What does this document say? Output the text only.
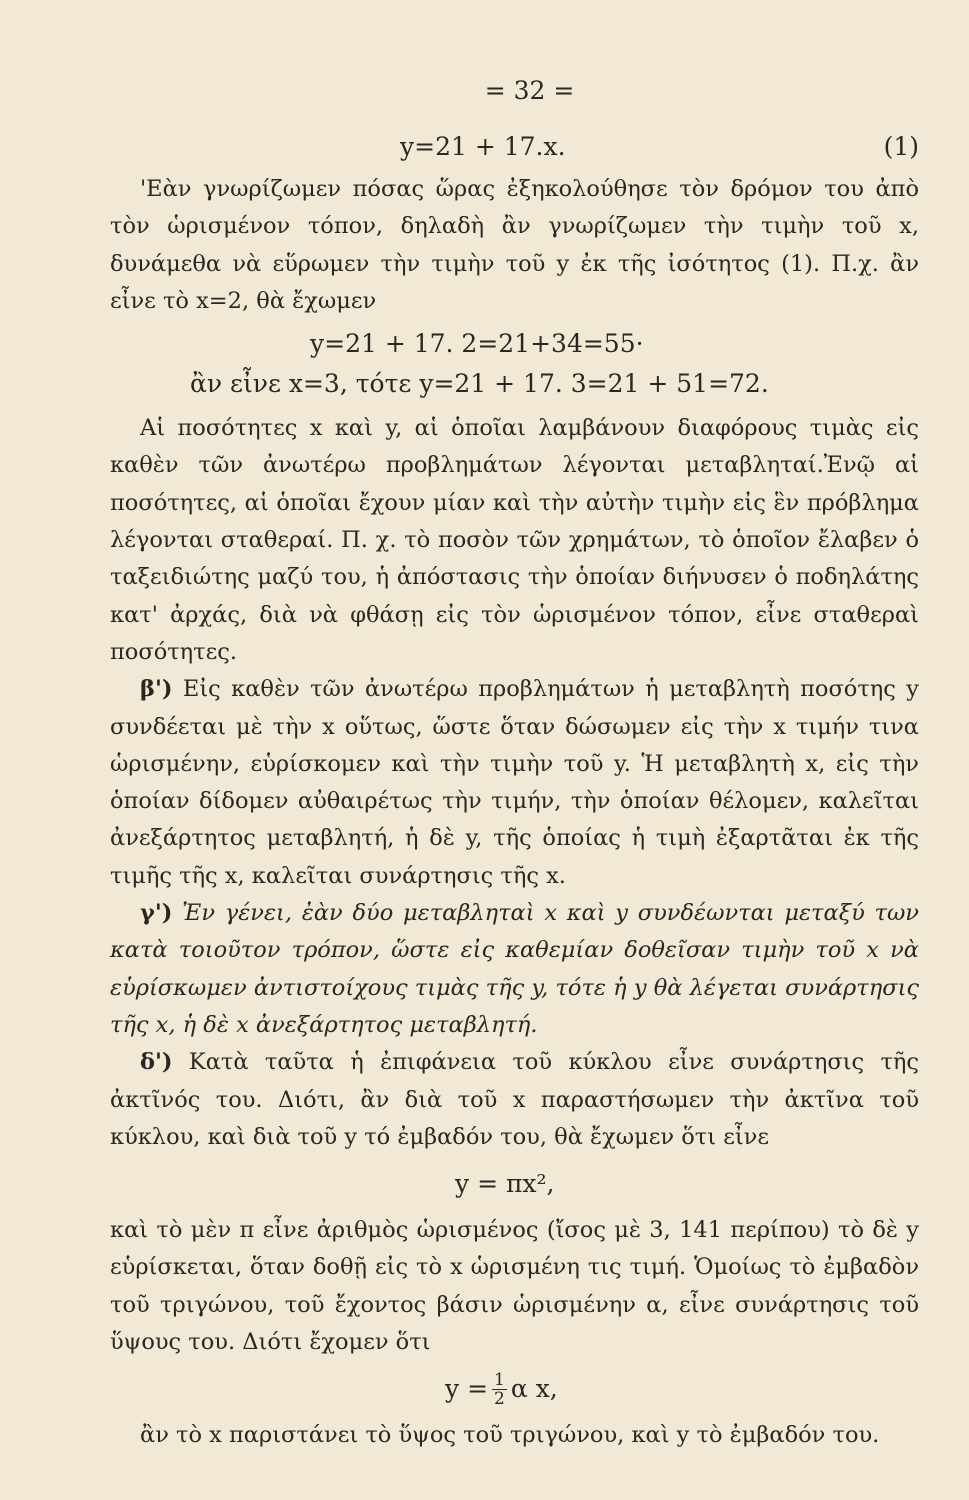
= 32 =
y=21 + 17.x.	(1)

'Εὰν γνωρίζωμεν πόσας ὥρας ἐξηκολούθησε τὸν δρόμον του ἀπὸ τὸν ὡρισμένον τόπον, δηλαδὴ ἂν γνωρίζωμεν τὴν τιμὴν τοῦ x, δυνάμεθα νὰ εὕρωμεν τὴν τιμὴν τοῦ y ἐκ τῆς ἰσότητος (1). Π.χ. ἂν εἶνε τὸ x=2, θὰ ἔχωμεν

y=21 + 17. 2=21+34=55·
ἂν εἶνε x=3, τότε y=21 + 17. 3=21 + 51=72.

Αἱ ποσότητες x καὶ y, αἱ ὁποῖαι λαμβάνουν διαφόρους τιμὰς εἰς καθὲν τῶν ἀνωτέρω προβλημάτων λέγονται μεταβληταί.Ἐνῷ αἱ ποσότητες, αἱ ὁποῖαι ἔχουν μίαν καὶ τὴν αὐτὴν τιμὴν εἰς ἓν πρόβλημα λέγονται σταθεραί. Π. χ. τὸ ποσὸν τῶν χρημάτων, τὸ ὁποῖον ἔλαβεν ὁ ταξειδιώτης μαζύ του, ἡ ἀπόστασις τὴν ὁποίαν διήνυσεν ὁ ποδηλάτης κατ' ἀρχάς, διὰ νὰ φθάσῃ εἰς τὸν ὡρισμένον τόπον, εἶνε σταθεραὶ ποσότητες.

β') Εἰς καθὲν τῶν ἀνωτέρω προβλημάτων ἡ μεταβλητὴ ποσότης y συνδέεται μὲ τὴν x οὕτως, ὥστε ὅταν δώσωμεν εἰς τὴν x τιμήν τινα ὡρισμένην, εὑρίσκομεν καὶ τὴν τιμὴν τοῦ y. Ἡ μεταβλητὴ x, εἰς τὴν ὁποίαν δίδομεν αὐθαιρέτως τὴν τιμήν, τὴν ὁποίαν θέλομεν, καλεῖται ἀνεξάρτητος μεταβλητή, ἡ δὲ y, τῆς ὁποίας ἡ τιμὴ ἐξαρτᾶται ἐκ τῆς τιμῆς τῆς x, καλεῖται συνάρτησις τῆς x.

γ') Ἐν γένει, ἐὰν δύο μεταβληταὶ x καὶ y συνδέωνται μεταξύ των κατὰ τοιοῦτον τρόπον, ὥστε εἰς καθεμίαν δοθεῖσαν τιμὴν τοῦ x νὰ εὑρίσκωμεν ἀντιστοίχους τιμὰς τῆς y, τότε ἡ y θὰ λέγεται συνάρτησις τῆς x, ἡ δὲ x ἀνεξάρτητος μεταβλητή.

δ') Κατὰ ταῦτα ἡ ἐπιφάνεια τοῦ κύκλου εἶνε συνάρτησις τῆς ἀκτῖνός του. Διότι, ἂν διὰ τοῦ x παραστήσωμεν τὴν ἀκτῖνα τοῦ κύκλου, καὶ διὰ τοῦ y τό ἐμβαδόν του, θὰ ἔχωμεν ὅτι εἶνε

y = πx²,

καὶ τὸ μὲν π εἶνε ἀριθμὸς ὡρισμένος (ἴσος μὲ 3, 141 περίπου) τὸ δὲ y εὑρίσκεται, ὅταν δοθῇ εἰς τὸ x ὡρισμένη τις τιμή. Ὁμοίως τὸ ἐμβαδὸν τοῦ τριγώνου, τοῦ ἔχοντος βάσιν ὡρισμένην α, εἶνε συνάρτησις τοῦ ὕψους του. Διότι ἔχομεν ὅτι

$y = \frac{1}{2}$ α x,

ἂν τὸ x παριστάνει τὸ ὕψος τοῦ τριγώνου, καὶ y τὸ ἐμβαδόν του.
